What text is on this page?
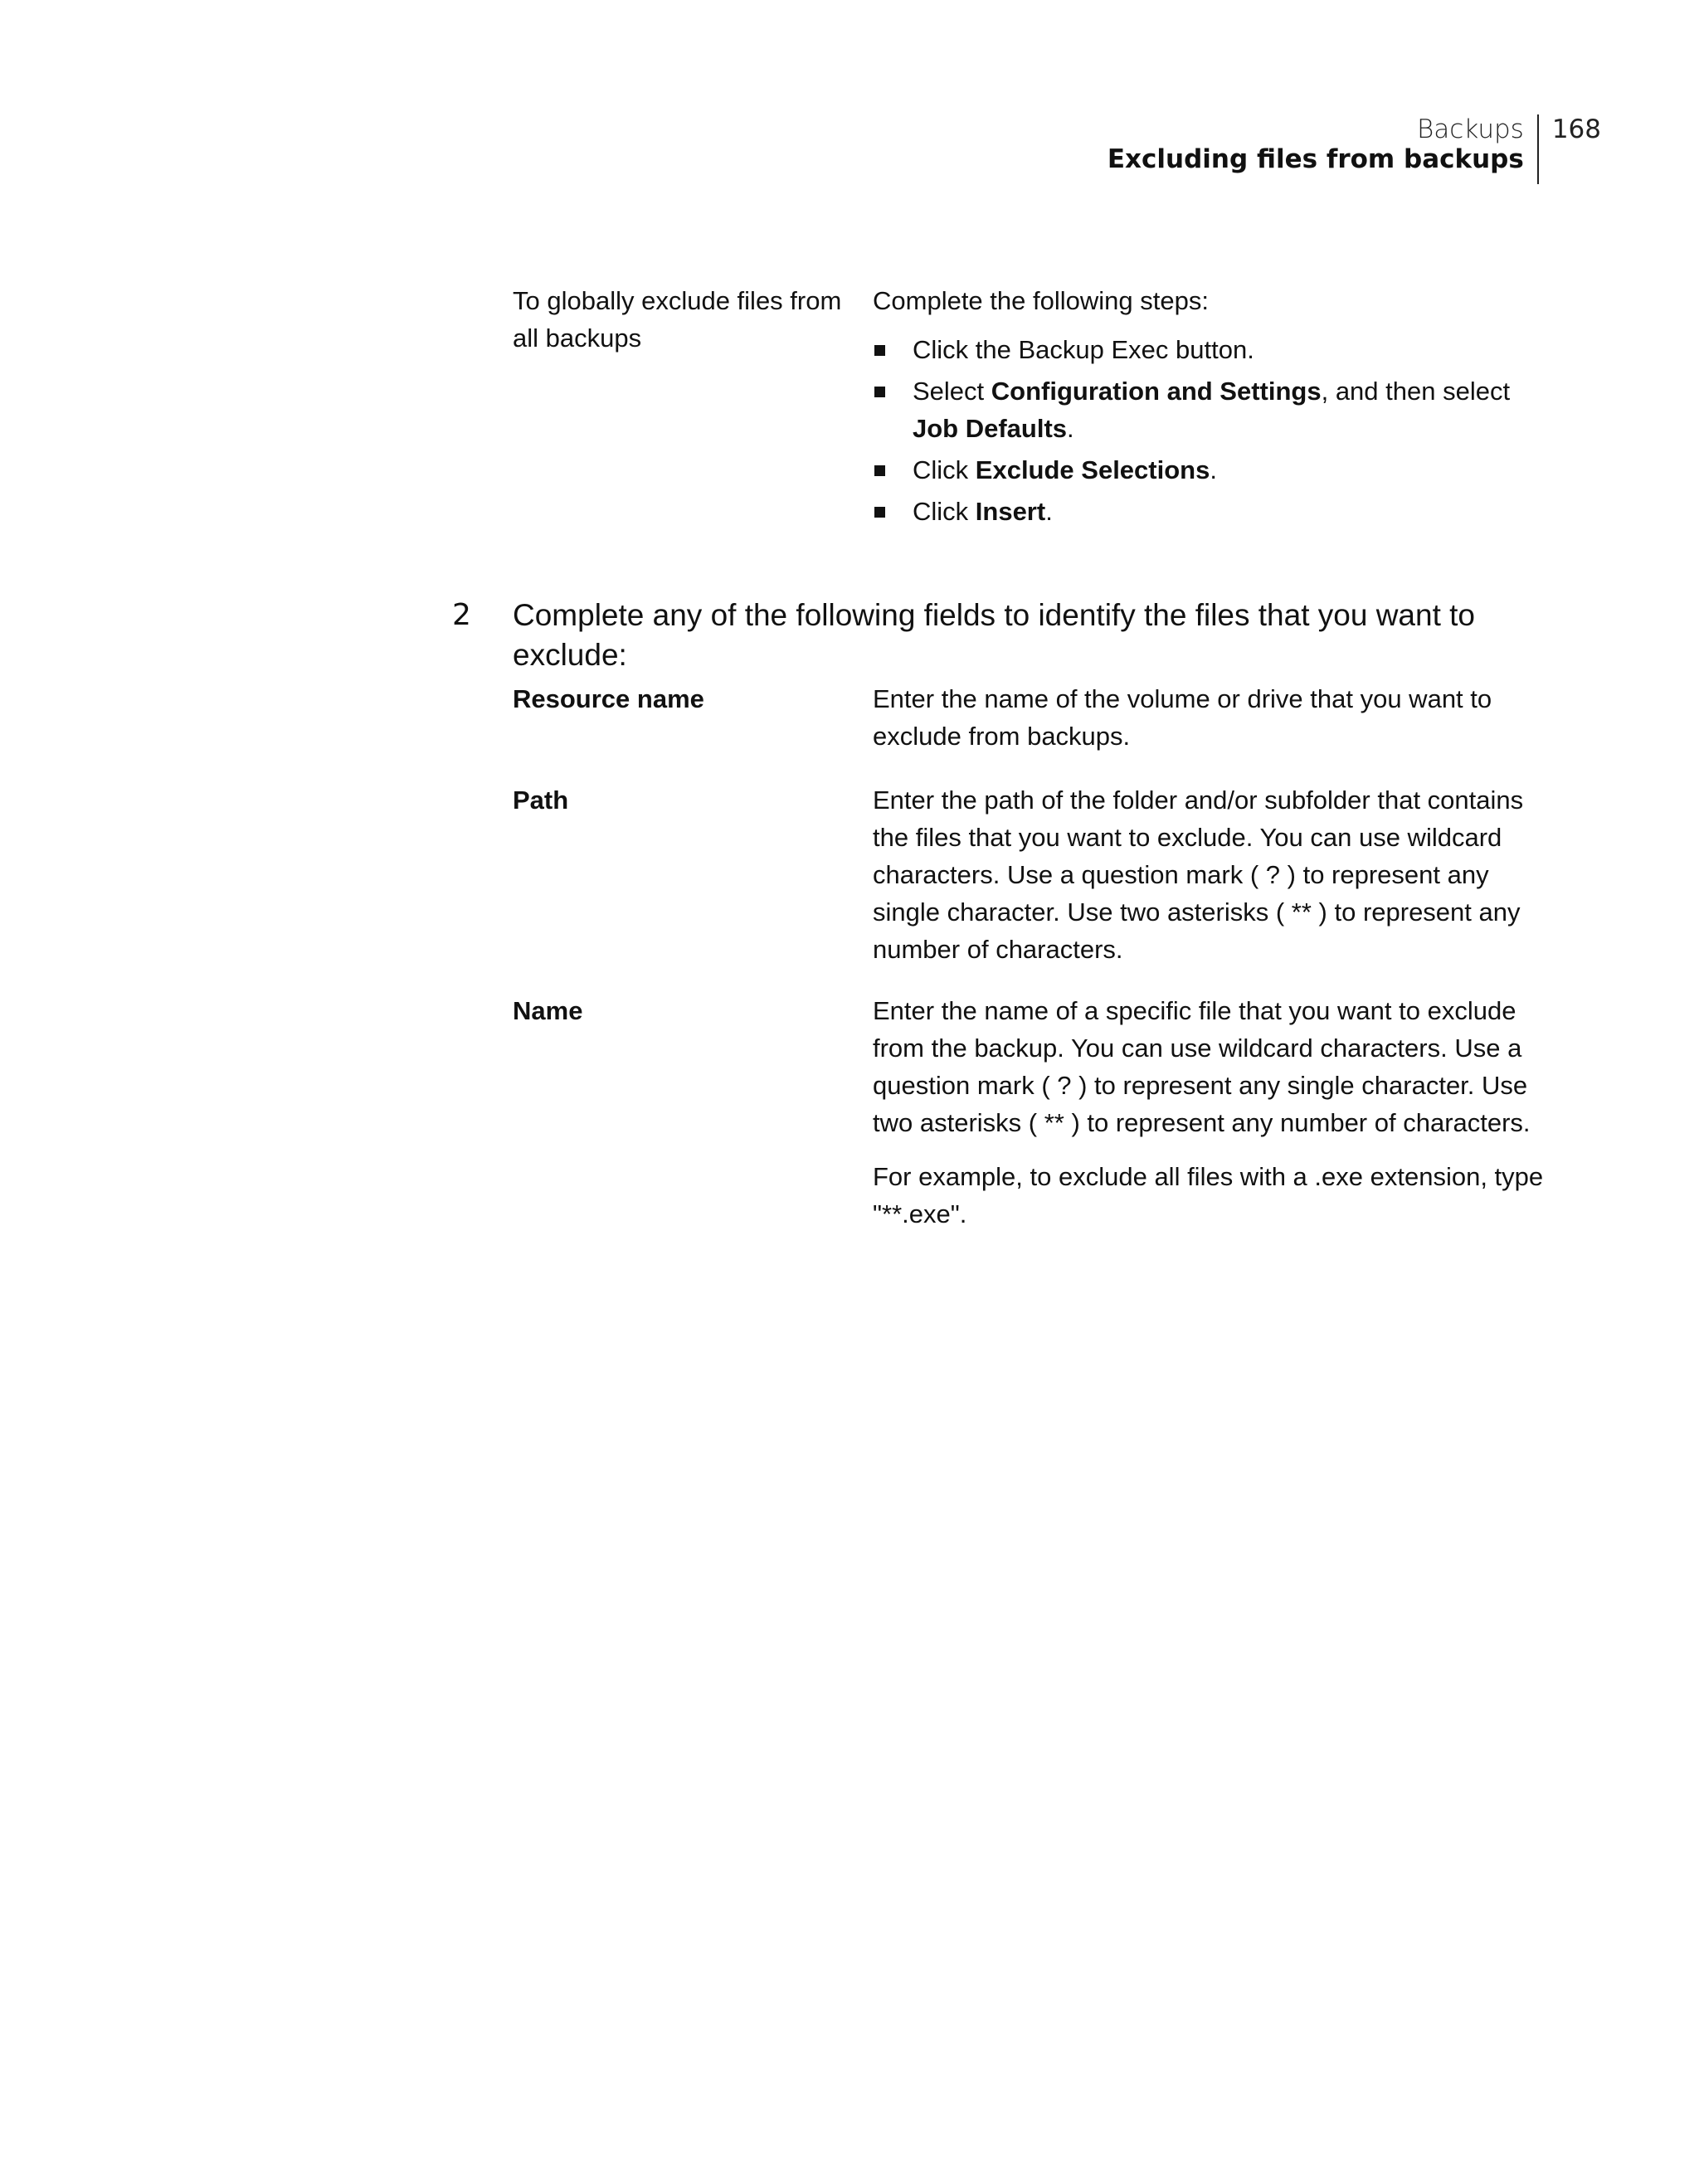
Backups
Excluding files from backups
168
To globally exclude files from all backups
Complete the following steps:
Click the Backup Exec button.
Select Configuration and Settings, and then select Job Defaults.
Click Exclude Selections.
Click Insert.
2	Complete any of the following fields to identify the files that you want to exclude:
Resource name	Enter the name of the volume or drive that you want to exclude from backups.
Path	Enter the path of the folder and/or subfolder that contains the files that you want to exclude. You can use wildcard characters. Use a question mark ( ? ) to represent any single character. Use two asterisks ( ** ) to represent any number of characters.
Name	Enter the name of a specific file that you want to exclude from the backup. You can use wildcard characters. Use a question mark ( ? ) to represent any single character. Use two asterisks ( ** ) to represent any number of characters.
For example, to exclude all files with a .exe extension, type "**.exe".
